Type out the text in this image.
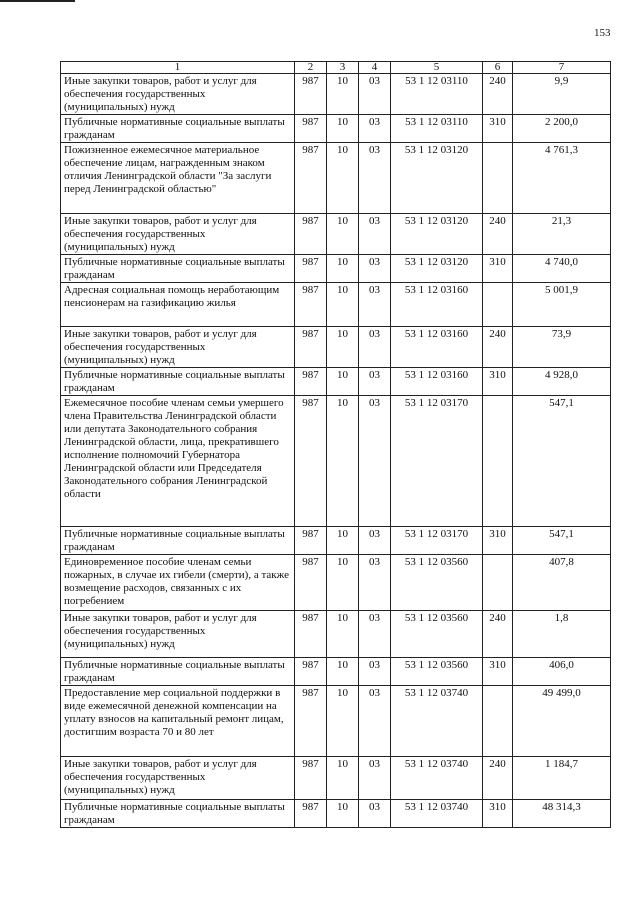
153
1	2	3	4	5	6	7
Иные закупки товаров, работ и услуг для обеспечения государственных (муниципальных) нужд	987	10	03	53 1 12 03110	240	9,9
Публичные нормативные социальные выплаты гражданам	987	10	03	53 1 12 03110	310	2 200,0
Пожизненное ежемесячное материальное обеспечение лицам, награжденным знаком отличия Ленинградской области "За заслуги перед Ленинградской областью"	987	10	03	53 1 12 03120		4 761,3
Иные закупки товаров, работ и услуг для обеспечения государственных (муниципальных) нужд	987	10	03	53 1 12 03120	240	21,3
Публичные нормативные социальные выплаты гражданам	987	10	03	53 1 12 03120	310	4 740,0
Адресная социальная помощь неработающим пенсионерам на газификацию жилья	987	10	03	53 1 12 03160		5 001,9
Иные закупки товаров, работ и услуг для обеспечения государственных (муниципальных) нужд	987	10	03	53 1 12 03160	240	73,9
Публичные нормативные социальные выплаты гражданам	987	10	03	53 1 12 03160	310	4 928,0
Ежемесячное пособие членам семьи умершего члена Правительства Ленинградской области или депутата Законодательного собрания Ленинградской области, лица, прекратившего исполнение полномочий Губернатора Ленинградской области или Председателя Законодательного собрания Ленинградской области	987	10	03	53 1 12 03170		547,1
Публичные нормативные социальные выплаты гражданам	987	10	03	53 1 12 03170	310	547,1
Единовременное пособие членам семьи пожарных, в случае их гибели (смерти), а также возмещение расходов, связанных с их погребением	987	10	03	53 1 12 03560		407,8
Иные закупки товаров, работ и услуг для обеспечения государственных (муниципальных) нужд	987	10	03	53 1 12 03560	240	1,8
Публичные нормативные социальные выплаты гражданам	987	10	03	53 1 12 03560	310	406,0
Предоставление мер социальной поддержки в виде ежемесячной денежной компенсации на уплату взносов на капитальный ремонт лицам, достигшим возраста 70 и 80 лет	987	10	03	53 1 12 03740		49 499,0
Иные закупки товаров, работ и услуг для обеспечения государственных (муниципальных) нужд	987	10	03	53 1 12 03740	240	1 184,7
Публичные нормативные социальные выплаты гражданам	987	10	03	53 1 12 03740	310	48 314,3
